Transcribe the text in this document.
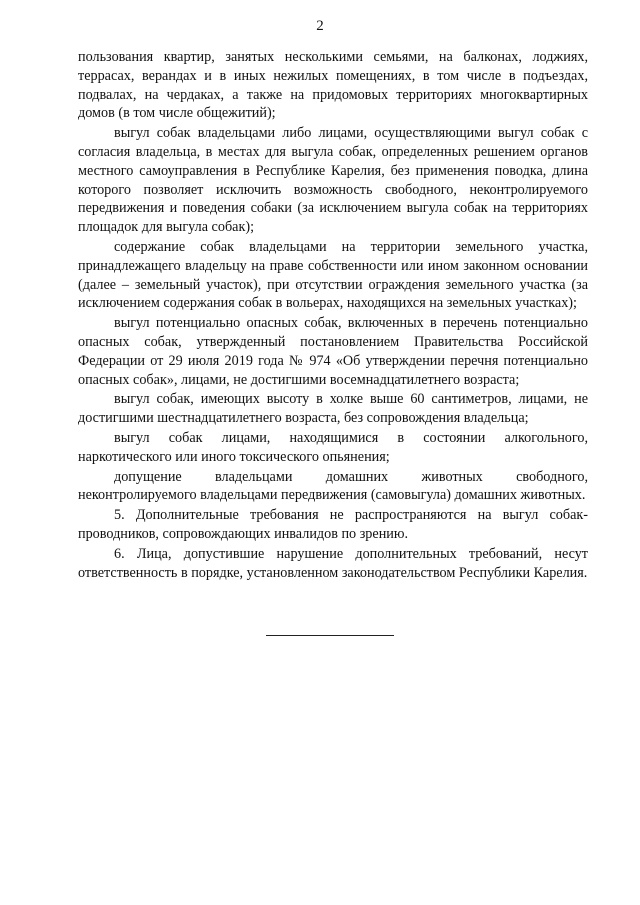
2

пользования квартир, занятых несколькими семьями, на балконах, лоджиях, террасах, верандах и в иных нежилых помещениях, в том числе в подъездах, подвалах, на чердаках, а также на придомовых территориях многоквартирных домов (в том числе общежитий);

выгул собак владельцами либо лицами, осуществляющими выгул собак с согласия владельца, в местах для выгула собак, определенных решением органов местного самоуправления в Республике Карелия, без применения поводка, длина которого позволяет исключить возможность свободного, неконтролируемого передвижения и поведения собаки (за исключением выгула собак на территориях площадок для выгула собак);

содержание собак владельцами на территории земельного участка, принадлежащего владельцу на праве собственности или ином законном основании (далее – земельный участок), при отсутствии ограждения земельного участка (за исключением содержания собак в вольерах, находящихся на земельных участках);

выгул потенциально опасных собак, включенных в перечень потенциально опасных собак, утвержденный постановлением Правительства Российской Федерации от 29 июля 2019 года № 974 «Об утверждении перечня потенциально опасных собак», лицами, не достигшими восемнадцатилетнего возраста;

выгул собак, имеющих высоту в холке выше 60 сантиметров, лицами, не достигшими шестнадцатилетнего возраста, без сопровождения владельца;

выгул собак лицами, находящимися в состоянии алкогольного, наркотического или иного токсического опьянения;

допущение владельцами домашних животных свободного, неконтролируемого владельцами передвижения (самовыгула) домашних животных.

5. Дополнительные требования не распространяются на выгул собак-проводников, сопровождающих инвалидов по зрению.

6. Лица, допустившие нарушение дополнительных требований, несут ответственность в порядке, установленном законодательством Республики Карелия.
